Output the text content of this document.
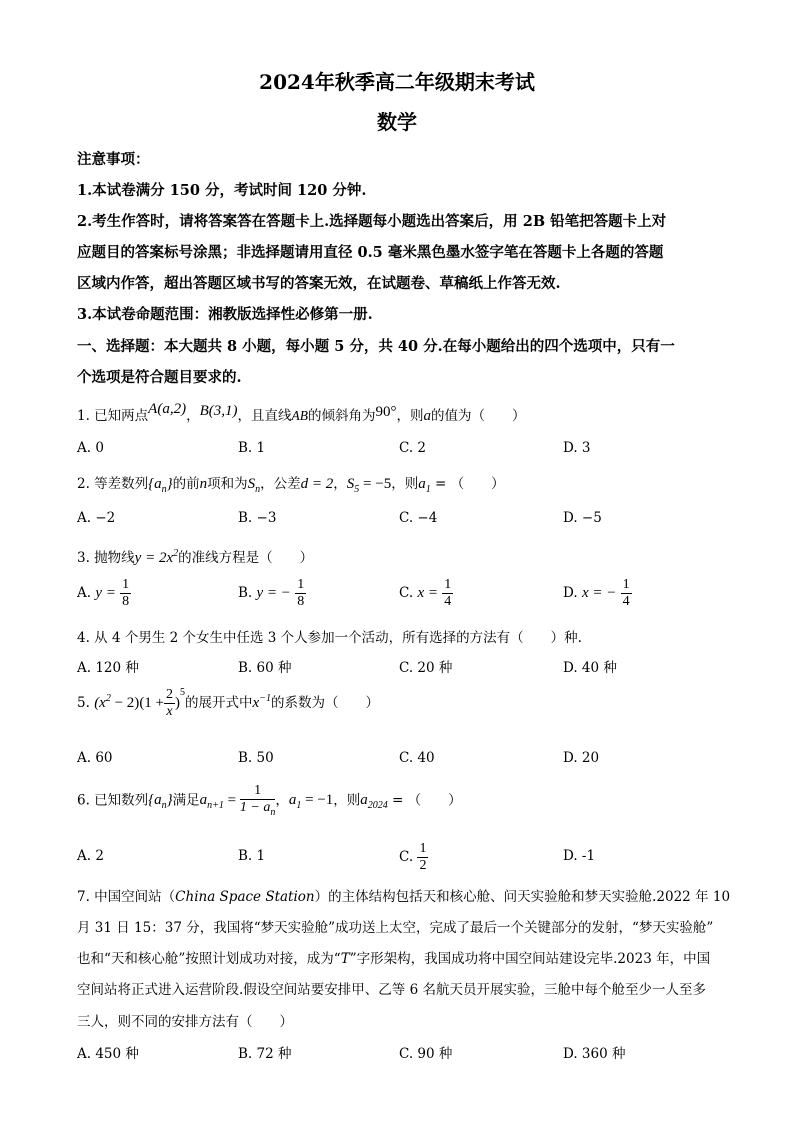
2024年秋季高二年级期末考试
数学
注意事项：
1.本试卷满分 150 分，考试时间 120 分钟.
2.考生作答时，请将答案答在答题卡上.选择题每小题选出答案后，用 2B 铅笔把答题卡上对
应题目的答案标号涂黑；非选择题请用直径 0.5 毫米黑色墨水签字笔在答题卡上各题的答题
区域内作答，超出答题区域书写的答案无效，在试题卷、草稿纸上作答无效.
3.本试卷命题范围：湘教版选择性必修第一册.
一、选择题：本大题共 8 小题，每小题 5 分，共 40 分.在每小题给出的四个选项中，只有一
个选项是符合题目要求的.
1. 已知两点A(a,2)，B(3,1)，且直线AB的倾斜角为90°，则a的值为（　　）
A. 0	B. 1	C. 2	D. 3
2. 等差数列$\{a_n\}$的前n项和为$S_n$，公差d = 2，$S_5 = -5$，则$a_1$ = （　　）
A. −2	B. −3	C. −4	D. −5
3. 抛物线$y = 2x^2$的准线方程是（　　）
A. $y = \frac{1}{8}$	B. y = − $\frac{1}{8}$	C. $x = \frac{1}{4}$	D. x = − $\frac{1}{4}$
4. 从 4 个男生 2 个女生中任选 3 个人参加一个活动，所有选择的方法有（　　）种.
A. 120 种	B. 60 种	C. 20 种	D. 40 种
5. $(x^2 - 2)(1 + \frac{2}{x} )^5$的展开式中$x^{-1}$的系数为（　　）
A. 60	B. 50	C. 40	D. 20
6. 已知数列$\{a_n\}$满足$a_{n+1} = \frac{1}{1 - a_n}$ ，$a_1 = -1$，则$a_{2024}$ = （　　）
A. 2	B. 1	C. $\frac{1}{2}$	D. -1
7. 中国空间站（China Space Station）的主体结构包括天和核心舱、问天实验舱和梦天实验舱.2022 年 10
月 31 日 15：37 分，我国将“梦天实验舱”成功送上太空，完成了最后一个关键部分的发射，“梦天实验舱”
也和“天和核心舱”按照计划成功对接，成为“T”字形架构，我国成功将中国空间站建设完毕.2023 年，中国
空间站将正式进入运营阶段.假设空间站要安排甲、乙等 6 名航天员开展实验，三舱中每个舱至少一人至多
三人，则不同的安排方法有（　　）
A. 450 种	B. 72 种	C. 90 种	D. 360 种
